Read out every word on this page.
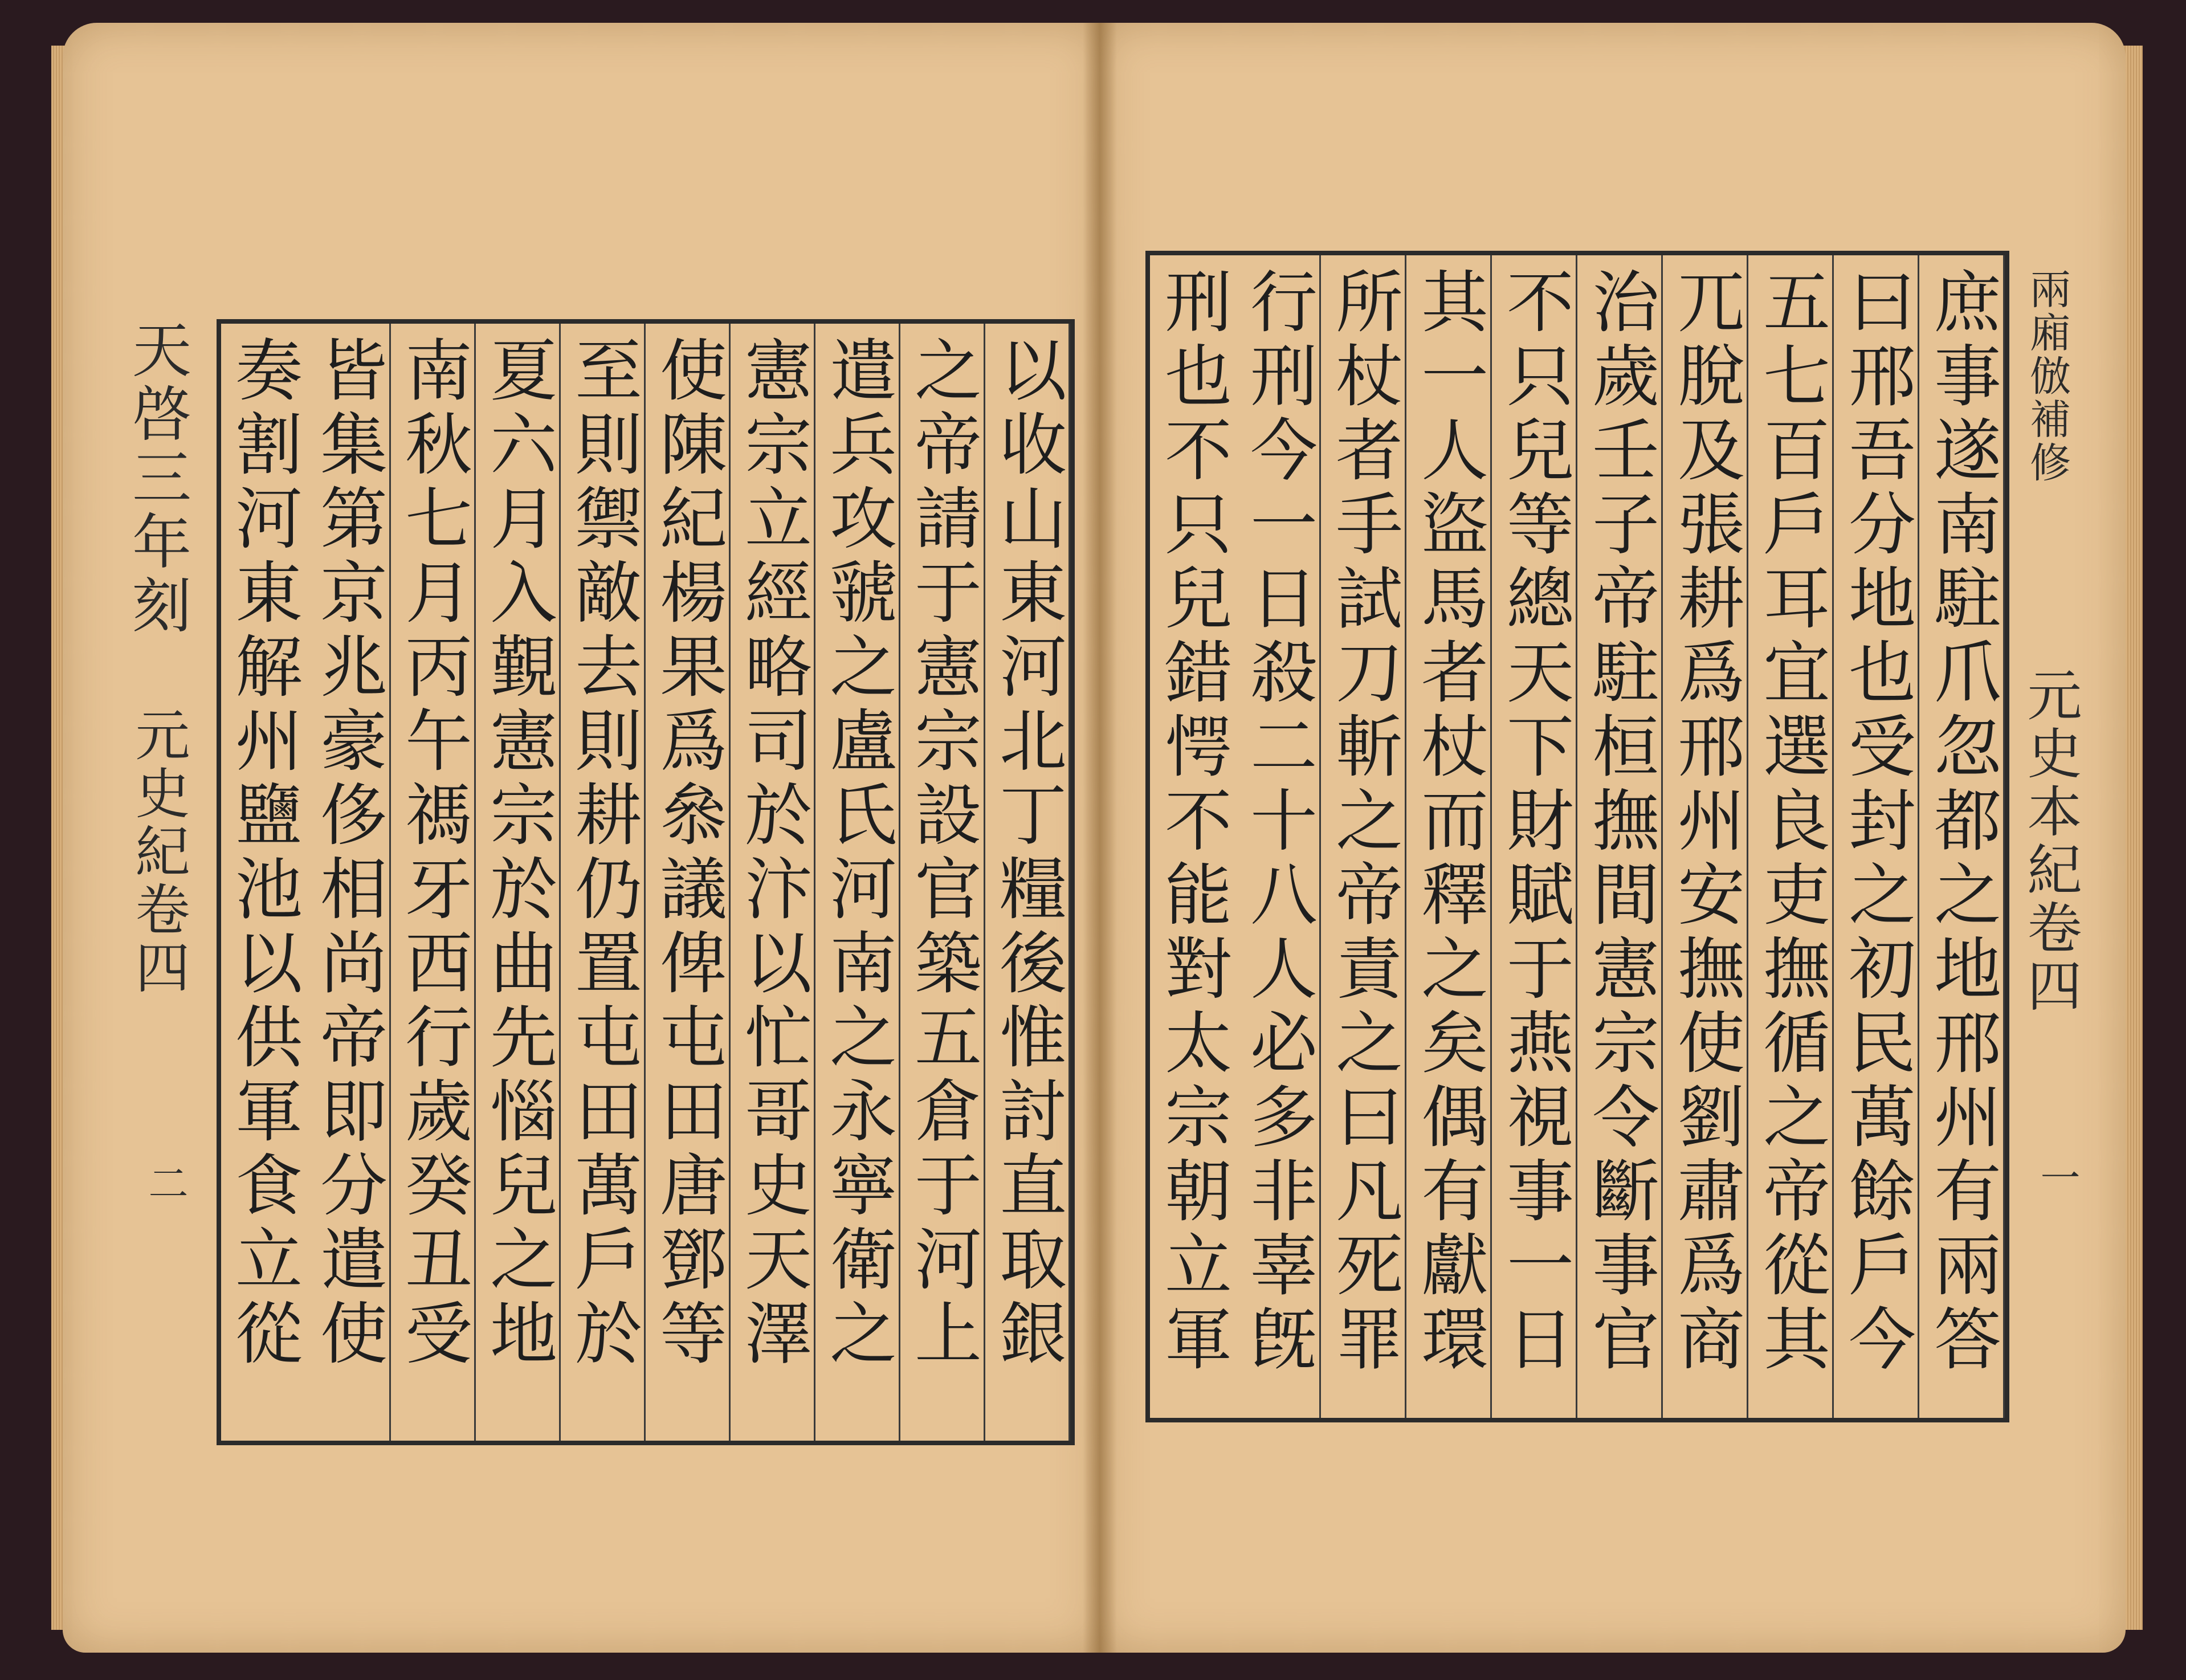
天啓三年刻
元史紀卷四
二
兩廂倣補修
元史本紀卷四
一
以收山東河北丁糧後惟討直取銀
之帝請于憲宗設官築五倉于河上
遣兵攻虢之盧氏河南之永寧衛之
憲宗立經略司於汴以忙哥史天澤
使陳紀楊果爲叅議俾屯田唐鄧等
至則禦敵去則耕仍置屯田萬戶於
夏六月入覲憲宗於曲先惱兒之地
南秋七月丙午禡牙西行歲癸丑受
皆集第京兆豪侈相尚帝即分遣使
奏割河東解州鹽池以供軍食立從
庶事遂南駐爪忽都之地邢州有兩答
曰邢吾分地也受封之初民萬餘戶今
五七百戶耳宜選良吏撫循之帝從其
兀脫及張耕爲邢州安撫使劉肅爲商
治歲壬子帝駐桓撫間憲宗令斷事官
不只兒等總天下財賦于燕視事一日
其一人盜馬者杖而釋之矣偶有獻環
所杖者手試刀斬之帝責之曰凡死罪
行刑今一日殺二十八人必多非辜旣
刑也不只兒錯愕不能對太宗朝立軍
